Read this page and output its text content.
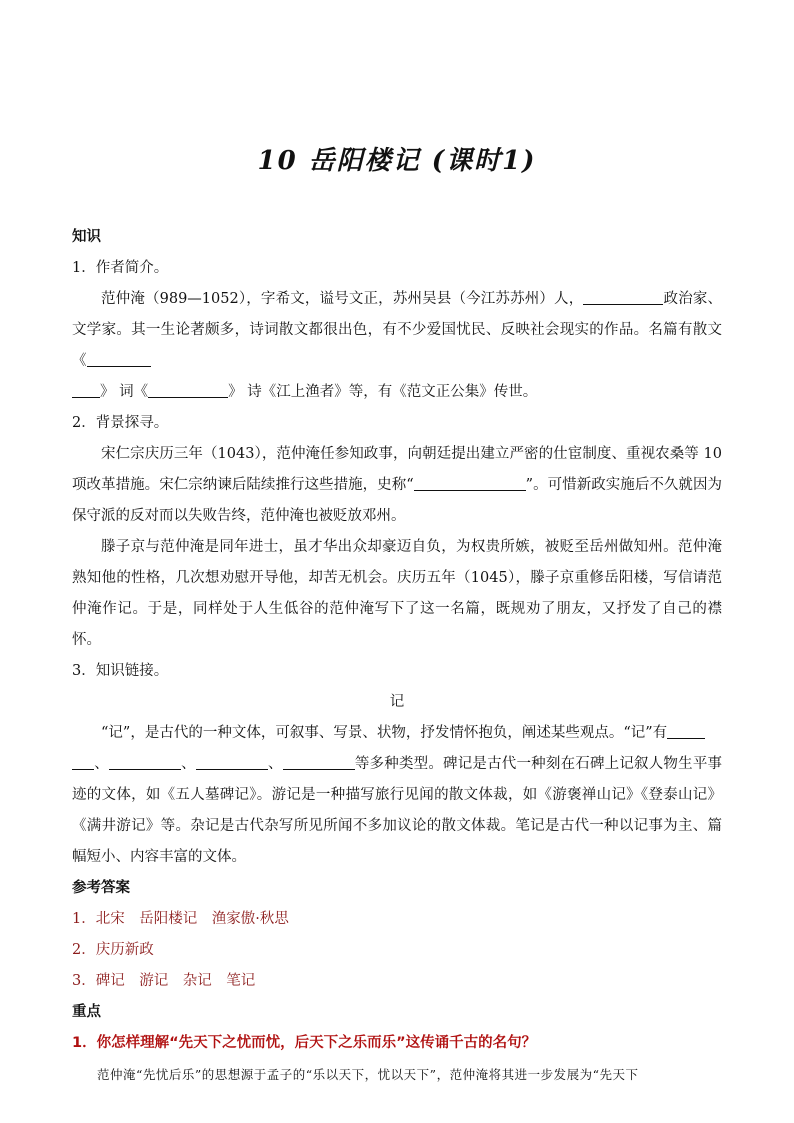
10 岳阳楼记 (课时1)
知识
1．作者简介。
范仲淹（989—1052），字希文，谥号文正，苏州吴县（今江苏苏州）人，	政治家、文学家。其一生论著颇多，诗词散文都很出色，有不少爱国忧民、反映社会现实的作品。名篇有散文《
》 词《	》 诗《江上渔者》等，有《范文正公集》传世。
2．背景探寻。
宋仁宗庆历三年（1043），范仲淹任参知政事，向朝廷提出建立严密的仕宦制度、重视农桑等 10 项改革措施。宋仁宗纳谏后陆续推行这些措施，史称“	”。可惜新政实施后不久就因为保守派的反对而以失败告终，范仲淹也被贬放邓州。
滕子京与范仲淹是同年进士，虽才华出众却豪迈自负，为权贵所嫉，被贬至岳州做知州。范仲淹熟知他的性格，几次想劝慰开导他，却苦无机会。庆历五年（1045），滕子京重修岳阳楼，写信请范仲淹作记。于是，同样处于人生低谷的范仲淹写下了这一名篇，既规劝了朋友，又抒发了自己的襟怀。
3．知识链接。
记
“记”，是古代的一种文体，可叙事、写景、状物，抒发情怀抱负，阐述某些观点。“记”有
、	、	、	等多种类型。碑记是古代一种刻在石碑上记叙人物生平事迹的文体，如《五人墓碑记》。游记是一种描写旅行见闻的散文体裁，如《游褒禅山记》《登泰山记》《满井游记》等。杂记是古代杂写所见所闻不多加议论的散文体裁。笔记是古代一种以记事为主、篇幅短小、内容丰富的文体。
参考答案
1．北宋　岳阳楼记　渔家傲·秋思
2．庆历新政
3．碑记　游记　杂记　笔记
重点
1．你怎样理解“先天下之忧而忧，后天下之乐而乐”这传诵千古的名句？
范仲淹“先忧后乐”的思想源于孟子的“乐以天下，忧以天下”，范仲淹将其进一步发展为“先天下
